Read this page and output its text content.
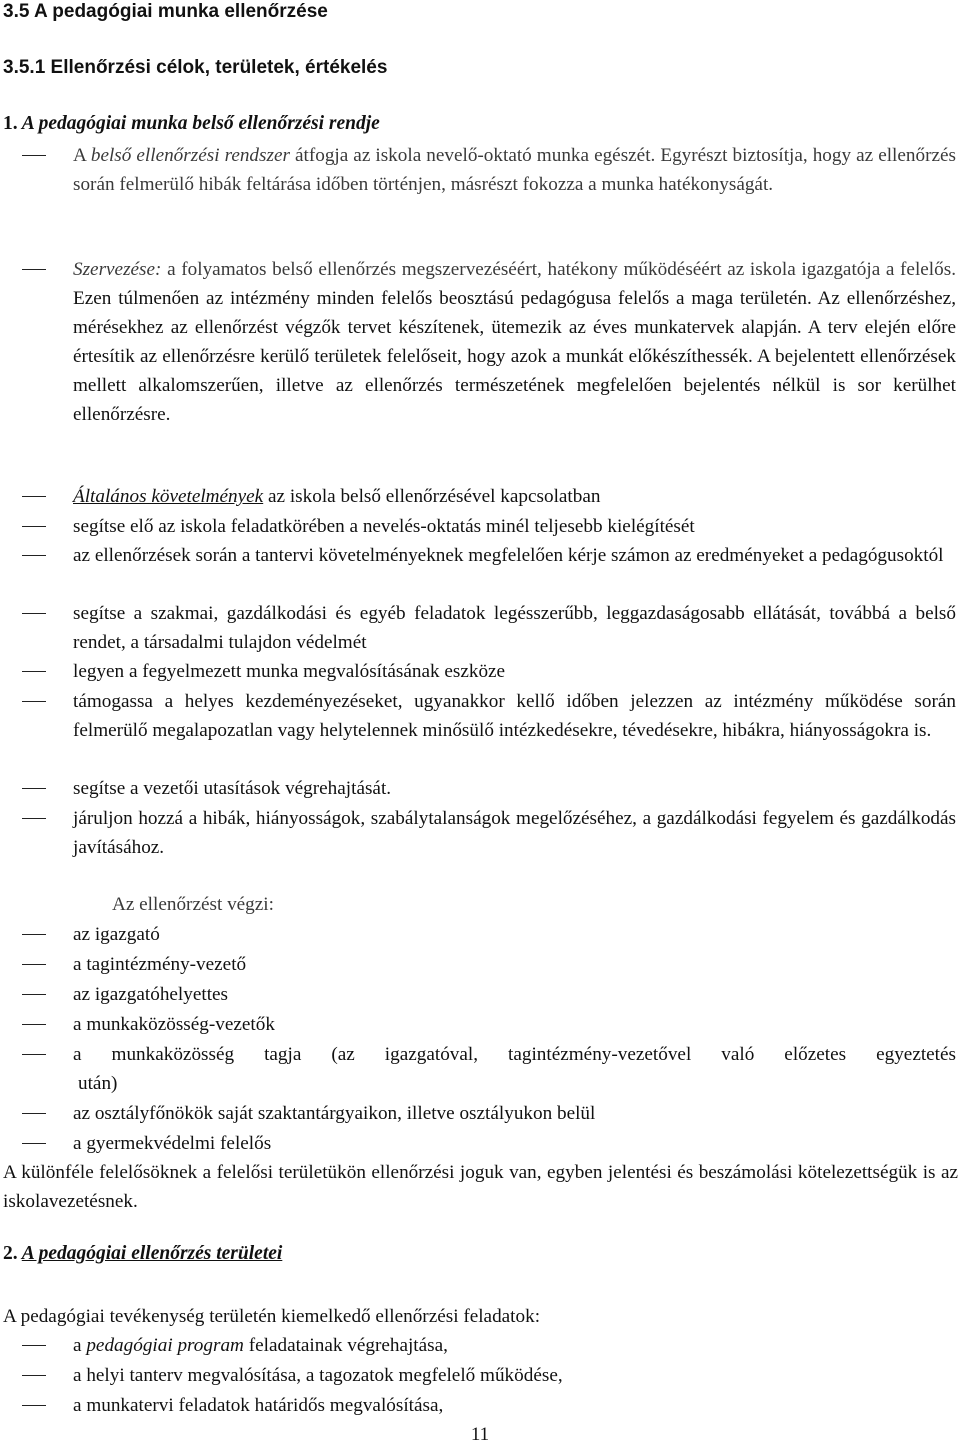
3.5 A pedagógiai munka ellenőrzése
3.5.1 Ellenőrzési célok, területek, értékelés
1. A pedagógiai munka belső ellenőrzési rendje

A belső ellenőrzési rendszer átfogja az iskola nevelő-oktató munka egészét. Egyrészt biztosítja, hogy az ellenőrzés során felmerülő hibák feltárása időben történjen, másrészt fokozza a munka hatékonyságát.

Szervezése: a folyamatos belső ellenőrzés megszervezéséért, hatékony működéséért az iskola igazgatója a felelős. Ezen túlmenően az intézmény minden felelős beosztású pedagógusa felelős a maga területén. Az ellenőrzéshez, mérésekhez az ellenőrzést végzők tervet készítenek, ütemezik az éves munkatervek alapján. A terv elején előre értesítik az ellenőrzésre kerülő területek felelőseit, hogy azok a munkát előkészíthessék. A bejelentett ellenőrzések mellett alkalomszerűen, illetve az ellenőrzés természetének megfelelően bejelentés nélkül is sor kerülhet ellenőrzésre.

Általános követelmények az iskola belső ellenőrzésével kapcsolatban

segítse elő az iskola feladatkörében a nevelés-oktatás minél teljesebb kielégítését

az ellenőrzések során a tantervi követelményeknek megfelelően kérje számon az eredményeket a pedagógusoktól

segítse a szakmai, gazdálkodási és egyéb feladatok legésszerűbb, leggazdaságosabb ellátását, továbbá a belső rendet, a társadalmi tulajdon védelmét

legyen a fegyelmezett munka megvalósításának eszköze

támogassa a helyes kezdeményezéseket, ugyanakkor kellő időben jelezzen az intézmény működése során felmerülő megalapozatlan vagy helytelennek minősülő intézkedésekre, tévedésekre, hibákra, hiányosságokra is.

segítse a vezetői utasítások végrehajtását.

járuljon hozzá a hibák, hiányosságok, szabálytalanságok megelőzéséhez, a gazdálkodási fegyelem és gazdálkodás javításához.

Az ellenőrzést végzi:

az igazgató

a tagintézmény-vezető

az igazgatóhelyettes

a munkaközösség-vezetők

a munkaközösség tagja (az igazgatóval, tagintézmény-vezetővel való előzetes egyeztetés

után)

az osztályfőnökök saját szaktantárgyaikon, illetve osztályukon belül

a gyermekvédelmi felelős

A különféle felelősöknek a felelősi területükön ellenőrzési joguk van, egyben jelentési és beszámolási kötelezettségük is az iskolavezetésnek.

2. A pedagógiai ellenőrzés területei

A pedagógiai tevékenység területén kiemelkedő ellenőrzési feladatok:

a pedagógiai program feladatainak végrehajtása,

a helyi tanterv megvalósítása, a tagozatok megfelelő működése,

a munkatervi feladatok határidős megvalósítása,

11
